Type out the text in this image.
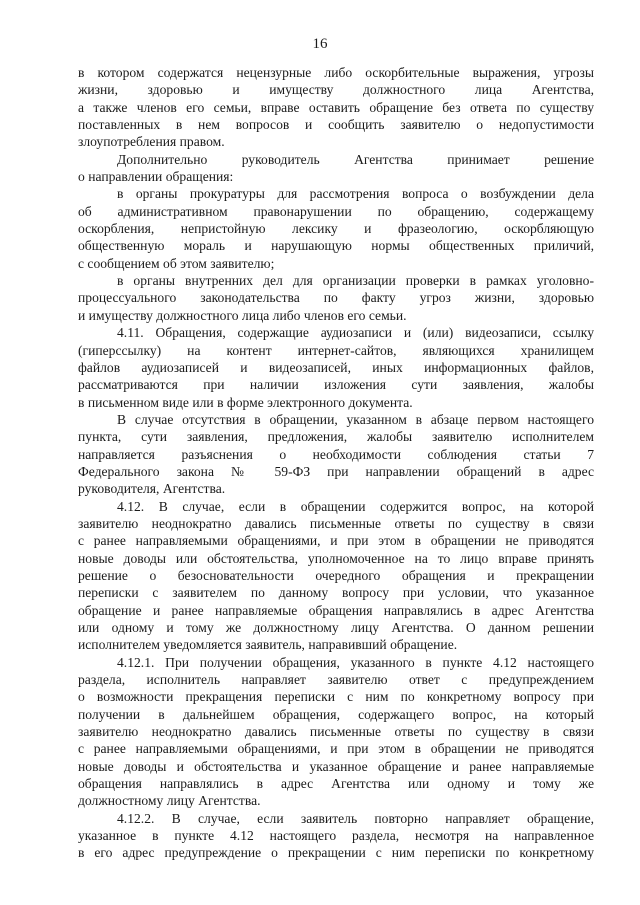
16

в котором содержатся нецензурные либо оскорбительные выражения, угрозы

жизни, здоровью и имуществу должностного лица Агентства,

а также членов его семьи, вправе оставить обращение без ответа по существу

поставленных в нем вопросов и сообщить заявителю о недопустимости

злоупотребления правом.

Дополнительно руководитель Агентства принимает решение

о направлении обращения:

в органы прокуратуры для рассмотрения вопроса о возбуждении дела

об административном правонарушении по обращению, содержащему

оскорбления, непристойную лексику и фразеологию, оскорбляющую

общественную мораль и нарушающую нормы общественных приличий,

с сообщением об этом заявителю;

в органы внутренних дел для организации проверки в рамках уголовно-

процессуального законодательства по факту угроз жизни, здоровью

и имуществу должностного лица либо членов его семьи.

4.11. Обращения, содержащие аудиозаписи и (или) видеозаписи, ссылку

(гиперссылку) на контент интернет-сайтов, являющихся хранилищем

файлов аудиозаписей и видеозаписей, иных информационных файлов,

рассматриваются при наличии изложения сути заявления, жалобы

в письменном виде или в форме электронного документа.

В случае отсутствия в обращении, указанном в абзаце первом настоящего

пункта, сути заявления, предложения, жалобы заявителю исполнителем

направляется разъяснения о необходимости соблюдения статьи 7

Федерального закона № 59-ФЗ при направлении обращений в адрес

руководителя, Агентства.

4.12. В случае, если в обращении содержится вопрос, на которой

заявителю неоднократно давались письменные ответы по существу в связи

с ранее направляемыми обращениями, и при этом в обращении не приводятся

новые доводы или обстоятельства, уполномоченное на то лицо вправе принять

решение о безосновательности очередного обращения и прекращении

переписки с заявителем по данному вопросу при условии, что указанное

обращение и ранее направляемые обращения направлялись в адрес Агентства

или одному и тому же должностному лицу Агентства. О данном решении

исполнителем уведомляется заявитель, направивший обращение.

4.12.1. При получении обращения, указанного в пункте 4.12 настоящего

раздела, исполнитель направляет заявителю ответ с предупреждением

о возможности прекращения переписки с ним по конкретному вопросу при

получении в дальнейшем обращения, содержащего вопрос, на который

заявителю неоднократно давались письменные ответы по существу в связи

с ранее направляемыми обращениями, и при этом в обращении не приводятся

новые доводы и обстоятельства и указанное обращение и ранее направляемые

обращения направлялись в адрес Агентства или одному и тому же

должностному лицу Агентства.

4.12.2. В случае, если заявитель повторно направляет обращение,

указанное в пункте 4.12 настоящего раздела, несмотря на направленное

в его адрес предупреждение о прекращении с ним переписки по конкретному
